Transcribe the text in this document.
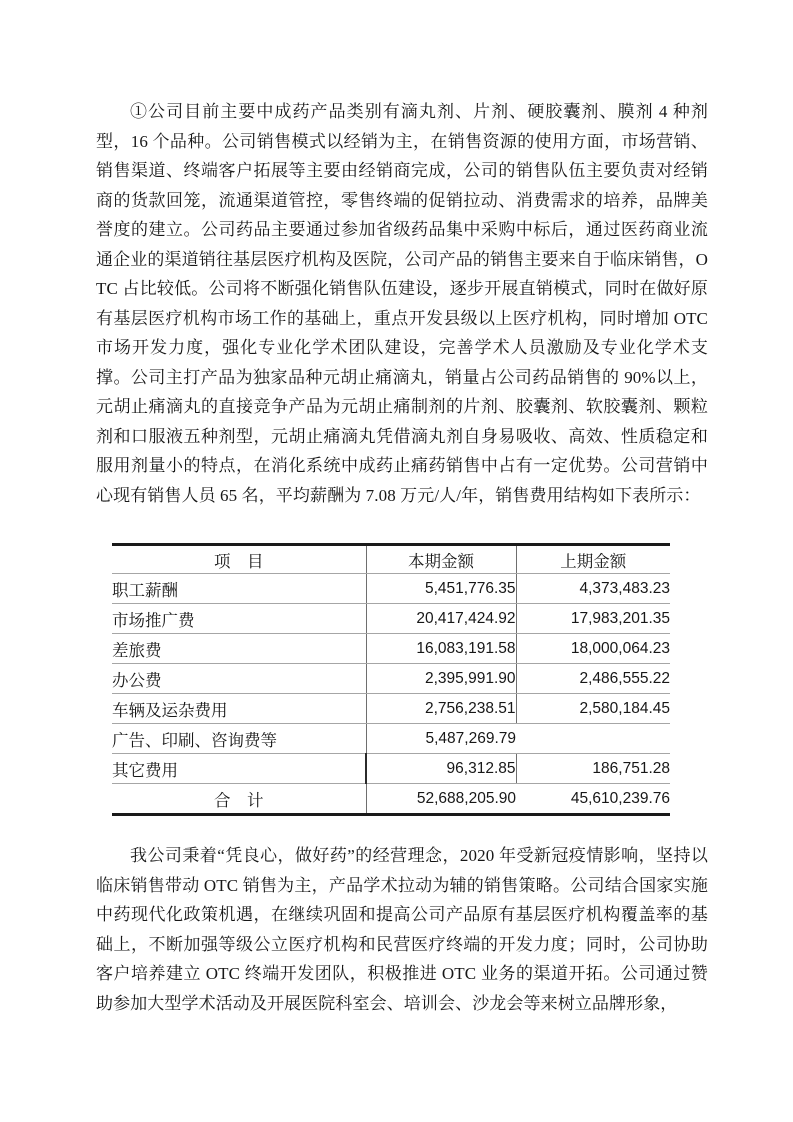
①公司目前主要中成药产品类别有滴丸剂、片剂、硬胶囊剂、膜剂 4 种剂型，16 个品种。公司销售模式以经销为主，在销售资源的使用方面，市场营销、销售渠道、终端客户拓展等主要由经销商完成，公司的销售队伍主要负责对经销商的货款回笼，流通渠道管控，零售终端的促销拉动、消费需求的培养，品牌美誉度的建立。公司药品主要通过参加省级药品集中采购中标后，通过医药商业流通企业的渠道销往基层医疗机构及医院，公司产品的销售主要来自于临床销售，OTC 占比较低。公司将不断强化销售队伍建设，逐步开展直销模式，同时在做好原有基层医疗机构市场工作的基础上，重点开发县级以上医疗机构，同时增加 OTC 市场开发力度，强化专业化学术团队建设，完善学术人员激励及专业化学术支撑。公司主打产品为独家品种元胡止痛滴丸，销量占公司药品销售的 90%以上，元胡止痛滴丸的直接竞争产品为元胡止痛制剂的片剂、胶囊剂、软胶囊剂、颗粒剂和口服液五种剂型，元胡止痛滴丸凭借滴丸剂自身易吸收、高效、性质稳定和服用剂量小的特点，在消化系统中成药止痛药销售中占有一定优势。公司营销中心现有销售人员 65 名，平均薪酬为 7.08 万元/人/年，销售费用结构如下表所示：

项　目	本期金额	上期金额
职工薪酬	5,451,776.35	4,373,483.23
市场推广费	20,417,424.92	17,983,201.35
差旅费	16,083,191.58	18,000,064.23
办公费	2,395,991.90	2,486,555.22
车辆及运杂费用	2,756,238.51	2,580,184.45
广告、印刷、咨询费等	5,487,269.79	
其它费用	96,312.85	186,751.28
合　计	52,688,205.90	45,610,239.76

我公司秉着“凭良心，做好药”的经营理念，2020 年受新冠疫情影响，坚持以临床销售带动 OTC 销售为主，产品学术拉动为辅的销售策略。公司结合国家实施中药现代化政策机遇，在继续巩固和提高公司产品原有基层医疗机构覆盖率的基础上，不断加强等级公立医疗机构和民营医疗终端的开发力度；同时，公司协助客户培养建立 OTC 终端开发团队，积极推进 OTC 业务的渠道开拓。公司通过赞助参加大型学术活动及开展医院科室会、培训会、沙龙会等来树立品牌形象，
